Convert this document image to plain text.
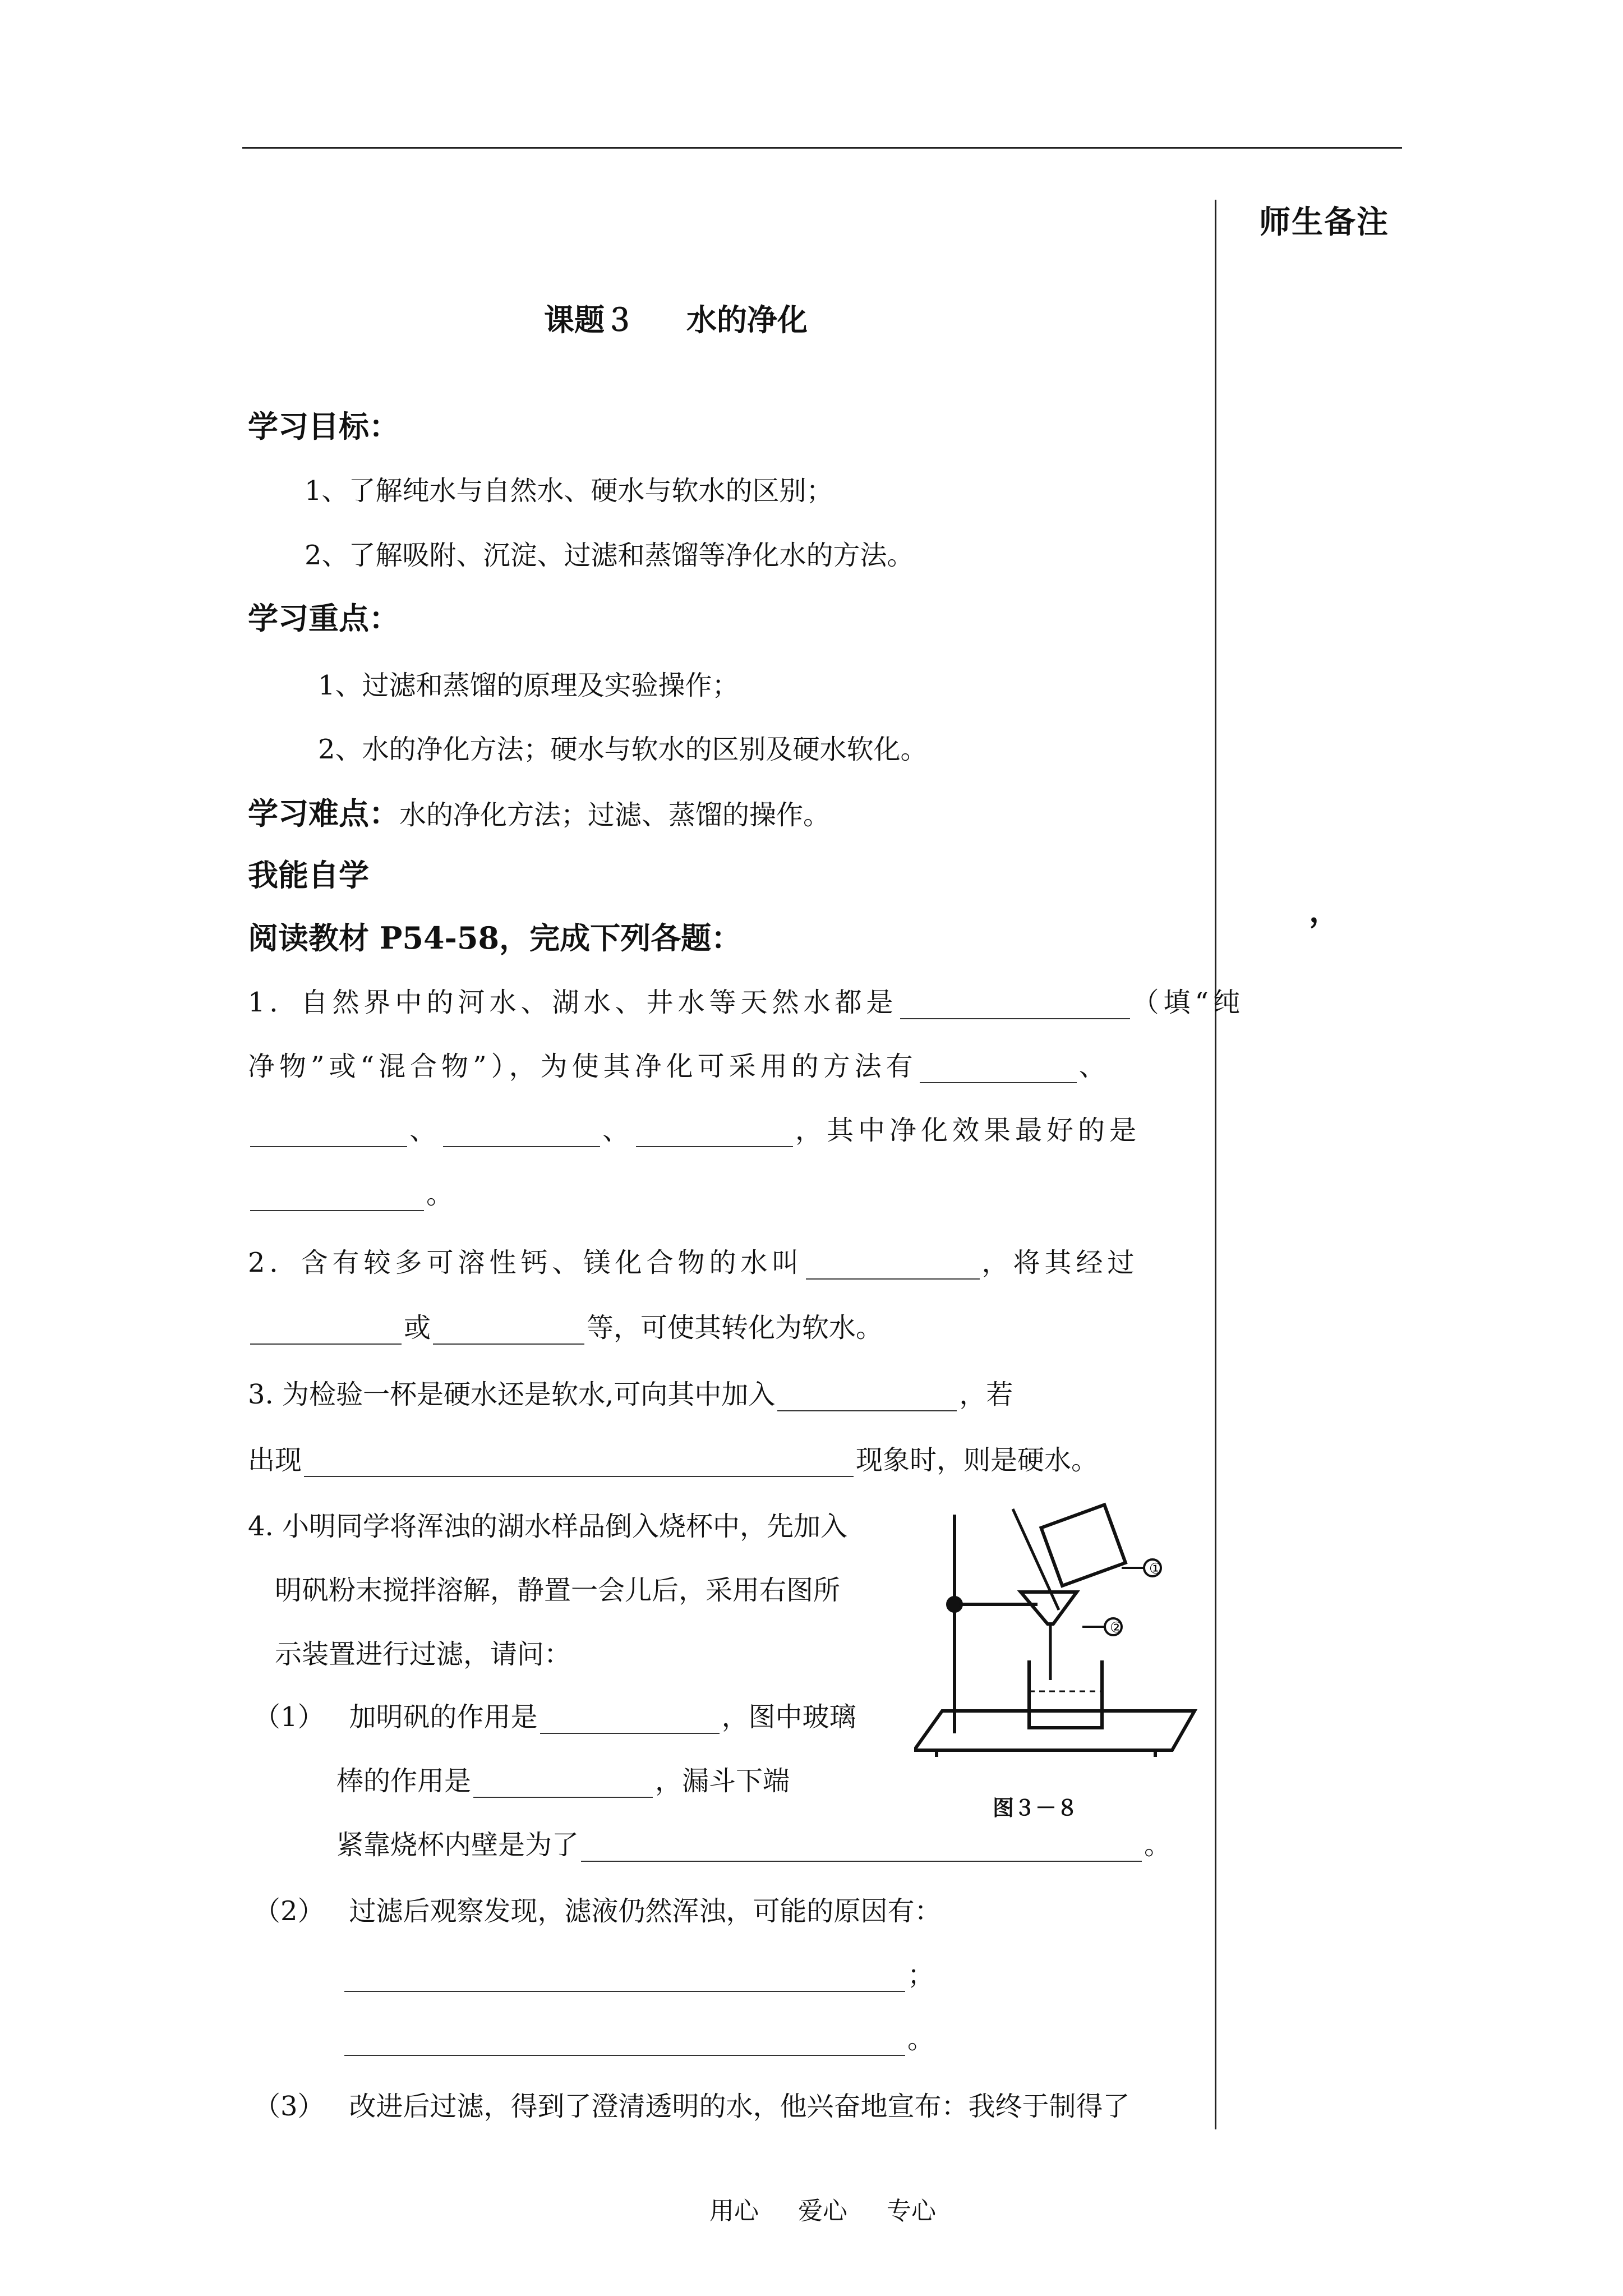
师生备注
，
课题３ 水的净化
学习目标：
1、了解纯水与自然水、硬水与软水的区别；
2、了解吸附、沉淀、过滤和蒸馏等净化水的方法。
学习重点：
1、过滤和蒸馏的原理及实验操作；
2、水的净化方法；硬水与软水的区别及硬水软化。
学习难点：水的净化方法；过滤、蒸馏的操作。
我能自学
阅读教材 P54-58，完成下列各题：
1．自然界中的河水、湖水、井水等天然水都是	（填“纯
净物”或“混合物”），为使其净化可采用的方法有	、
、	、	，其中净化效果最好的是
。
2．含有较多可溶性钙、镁化合物的水叫	，将其经过
或	等，可使其转化为软水。
3. 为检验一杯是硬水还是软水,可向其中加入	，若
出现	现象时，则是硬水。
4. 小明同学将浑浊的湖水样品倒入烧杯中，先加入
明矾粉末搅拌溶解，静置一会儿后，采用右图所
示装置进行过滤，请问：
（1） 加明矾的作用是	，图中玻璃
棒的作用是	，漏斗下端
紧靠烧杯内壁是为了	。
（2） 过滤后观察发现，滤液仍然浑浊，可能的原因有：
；
。
（3） 改进后过滤，得到了澄清透明的水，他兴奋地宣布：我终于制得了
①
②
图３－８
用心 爱心 专心
